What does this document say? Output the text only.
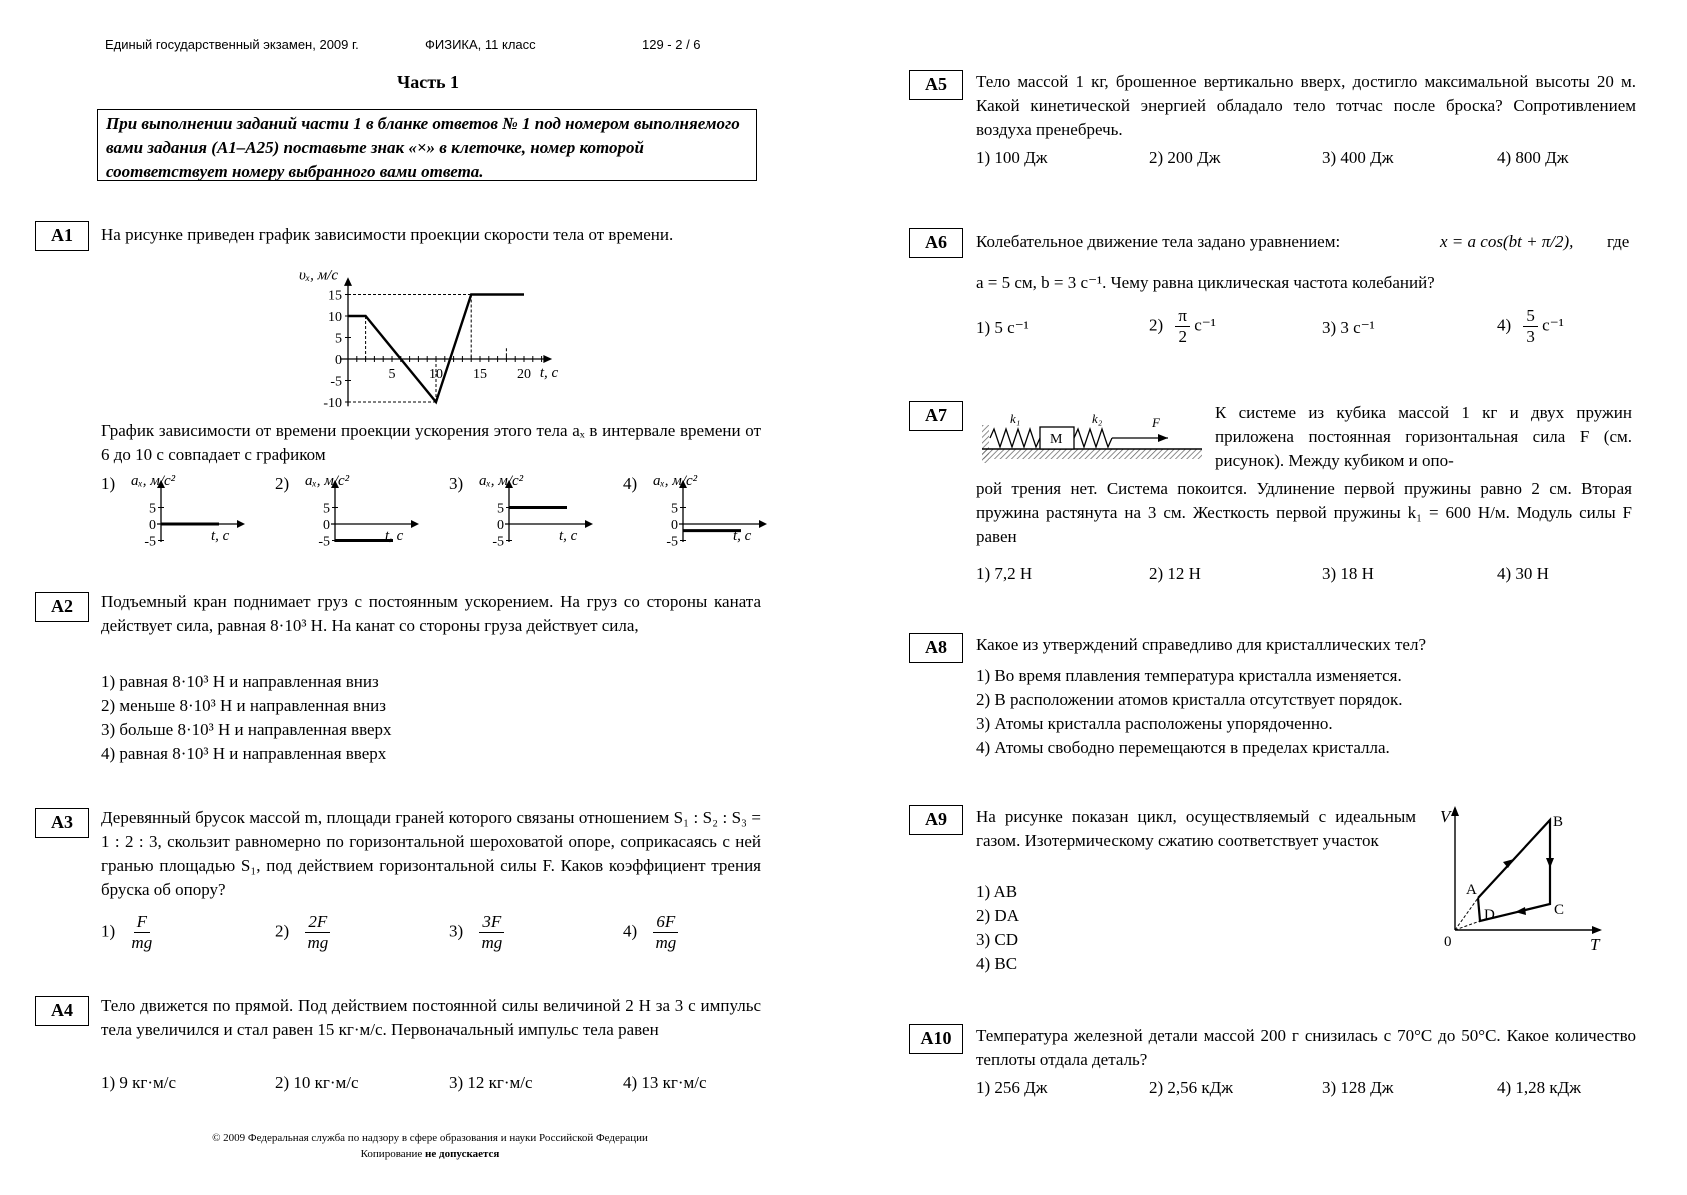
Единый государственный экзамен, 2009 г.	ФИЗИКА, 11 класс	129 - 2 / 6
Часть 1
При выполнении заданий части 1 в бланке ответов № 1 под номером выполняемого вами задания (А1–А25) поставьте знак «×» в клеточке, номер которой соответствует номеру выбранного вами ответа.
А1	На рисунке приведен график зависимости проекции скорости тела от времени.
15
10
5
0
-5
-10
5 10 15 20
υₓ, м/с
t, с
График зависимости от времени проекции ускорения этого тела aₓ в интервале времени от 6 до 10 с совпадает с графиком
1) aₓ, м/с²
t, с
5
0
-5
2) aₓ, м/с²
t, с
5
0
-5
3) aₓ, м/с²
t, с
5
0
-5
4) aₓ, м/с²
t, с
5
0
-5
А2	Подъемный кран поднимает груз с постоянным ускорением. На груз со стороны каната действует сила, равная 8·10³ Н. На канат со стороны груза действует сила,
1) равная 8·10³ Н и направленная вниз
2) меньше 8·10³ Н и направленная вниз
3) больше 8·10³ Н и направленная вверх
4) равная 8·10³ Н и направленная вверх
А3	Деревянный брусок массой m, площади граней которого связаны отношением S₁ : S₂ : S₃ = 1 : 2 : 3, скользит равномерно по горизонтальной шероховатой опоре, соприкасаясь с ней гранью площадью S₁, под действием горизонтальной силы F. Каков коэффициент трения бруска об опору?
$1) \frac{F}{mg}$	$2) \frac{2F}{mg}$	$3) \frac{3F}{mg}$	$4) \frac{6F}{mg}$
А4	Тело движется по прямой. Под действием постоянной силы величиной 2 Н за 3 с импульс тела увеличился и стал равен 15 кг·м/с. Первоначальный импульс тела равен
1) 9 кг·м/с	2) 10 кг·м/с	3) 12 кг·м/с	4) 13 кг·м/с
© 2009 Федеральная служба по надзору в сфере образования и науки Российской Федерации
Копирование не допускается
А5	Тело массой 1 кг, брошенное вертикально вверх, достигло максимальной высоты 20 м. Какой кинетической энергией обладало тело тотчас после броска? Сопротивлением воздуха пренебречь.
1) 100 Дж	2) 200 Дж	3) 400 Дж	4) 800 Дж
А6	Колебательное движение тела задано уравнением:	x = a cos(bt + π/2), где
a = 5 см, b = 3 с⁻¹. Чему равна циклическая частота колебаний?
1) 5 с⁻¹	$2) \frac{\pi}{2} с^{-1}$	3) 3 с⁻¹	$4) \frac{5}{3} с^{-1}$
А7
M
k₁	k₂	F
К системе из кубика массой 1 кг и двух пружин приложена постоянная горизонтальная сила F (см. рисунок). Между кубиком и опо-
рой трения нет. Система покоится. Удлинение первой пружины равно 2 см. Вторая пружина растянута на 3 см. Жесткость первой пружины k₁ = 600 Н/м. Модуль силы F равен
1) 7,2 Н	2) 12 Н	3) 18 Н	4) 30 Н
А8	Какое из утверждений справедливо для кристаллических тел?
1) Во время плавления температура кристалла изменяется.
2) В расположении атомов кристалла отсутствует порядок.
3) Атомы кристалла расположены упорядоченно.
4) Атомы свободно перемещаются в пределах кристалла.
А9	На рисунке показан цикл, осуществляемый с идеальным газом. Изотермическому сжатию соответствует участок
1) AB
2) DA
3) CD
4) BC
V
T
0
A
B
C
D
А10	Температура железной детали массой 200 г снизилась с 70°С до 50°С. Какое количество теплоты отдала деталь?
1) 256 Дж	2) 2,56 кДж	3) 128 Дж	4) 1,28 кДж
